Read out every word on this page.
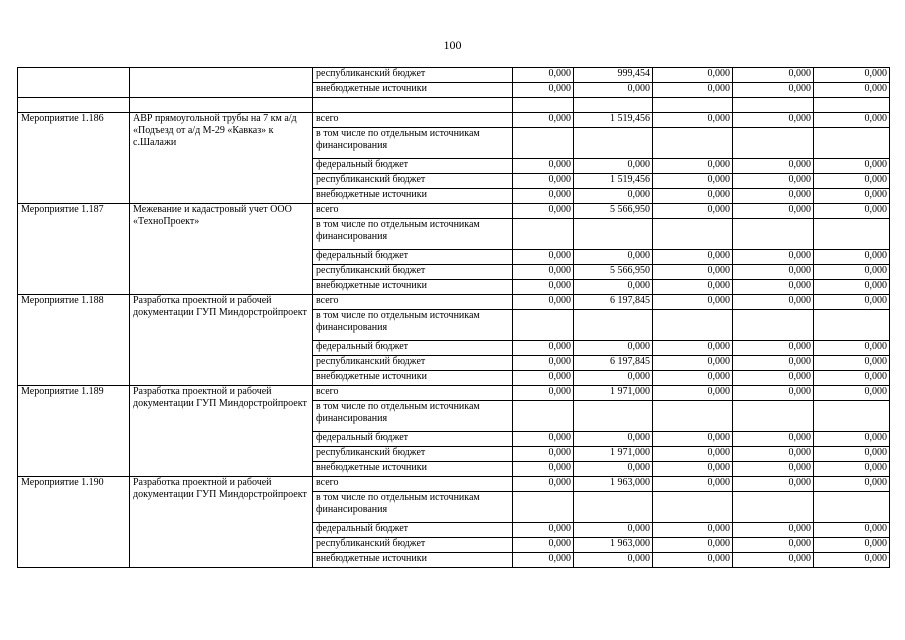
100
		республиканский бюджет	0,000	999,454	0,000	0,000	0,000
		внебюджетные источники	0,000	0,000	0,000	0,000	0,000

Мероприятие 1.186	АВР прямоугольной трубы на 7 км а/д «Подъезд от а/д М-29 «Кавказ» к с.Шалажи	всего	0,000	1 519,456	0,000	0,000	0,000
		в том числе по отдельным источникам финансирования					
		федеральный бюджет	0,000	0,000	0,000	0,000	0,000
		республиканский бюджет	0,000	1 519,456	0,000	0,000	0,000
		внебюджетные источники	0,000	0,000	0,000	0,000	0,000
Мероприятие 1.187	Межевание и кадастровый учет ООО «ТехноПроект»	всего	0,000	5 566,950	0,000	0,000	0,000
		в том числе по отдельным источникам финансирования					
		федеральный бюджет	0,000	0,000	0,000	0,000	0,000
		республиканский бюджет	0,000	5 566,950	0,000	0,000	0,000
		внебюджетные источники	0,000	0,000	0,000	0,000	0,000
Мероприятие 1.188	Разработка проектной и рабочей документации ГУП Миндорстройпроект	всего	0,000	6 197,845	0,000	0,000	0,000
		в том числе по отдельным источникам финансирования					
		федеральный бюджет	0,000	0,000	0,000	0,000	0,000
		республиканский бюджет	0,000	6 197,845	0,000	0,000	0,000
		внебюджетные источники	0,000	0,000	0,000	0,000	0,000
Мероприятие 1.189	Разработка проектной и рабочей документации ГУП Миндорстройпроект	всего	0,000	1 971,000	0,000	0,000	0,000
		в том числе по отдельным источникам финансирования					
		федеральный бюджет	0,000	0,000	0,000	0,000	0,000
		республиканский бюджет	0,000	1 971,000	0,000	0,000	0,000
		внебюджетные источники	0,000	0,000	0,000	0,000	0,000
Мероприятие 1.190	Разработка проектной и рабочей документации ГУП Миндорстройпроект	всего	0,000	1 963,000	0,000	0,000	0,000
		в том числе по отдельным источникам финансирования					
		федеральный бюджет	0,000	0,000	0,000	0,000	0,000
		республиканский бюджет	0,000	1 963,000	0,000	0,000	0,000
		внебюджетные источники	0,000	0,000	0,000	0,000	0,000
